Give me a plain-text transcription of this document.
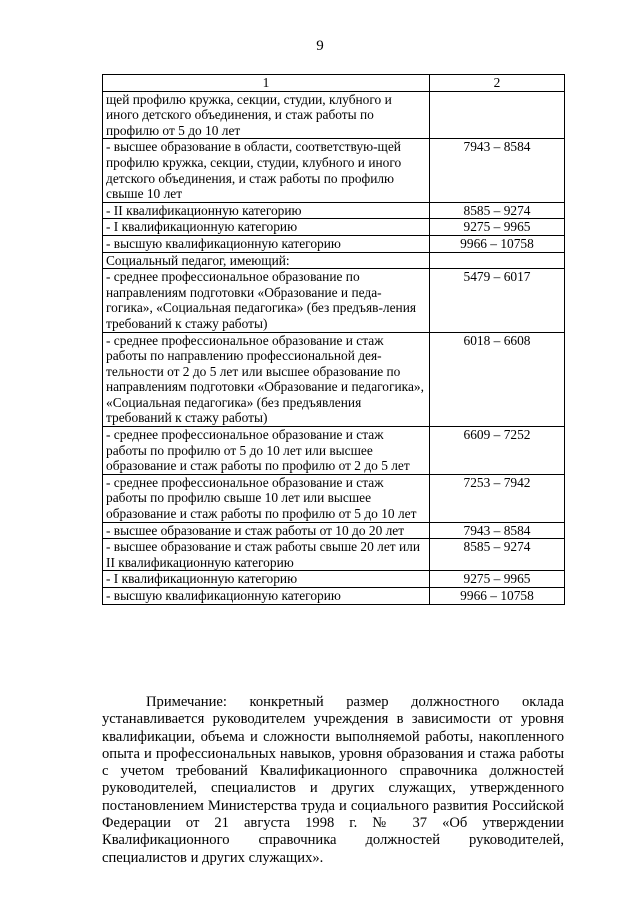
9
1	2
щей профилю кружка, секции, студии, клубного и иного детского объединения, и стаж работы по профилю от 5 до 10 лет	
- высшее образование в области, соответствую-щей профилю кружка, секции, студии, клубного и иного детского объединения, и стаж работы по профилю свыше 10 лет	7943 – 8584
- II квалификационную категорию	8585 – 9274
- I квалификационную категорию	9275 – 9965
- высшую квалификационную категорию	9966 – 10758
Социальный педагог, имеющий:	
- среднее профессиональное образование по направлениям подготовки «Образование и педа-гогика», «Социальная педагогика» (без предъяв-ления требований к стажу работы)	5479 – 6017
- среднее профессиональное образование и стаж работы по направлению профессиональной дея-тельности от 2 до 5 лет или высшее образование по направлениям подготовки «Образование и педагогика», «Социальная педагогика» (без предъявления требований к стажу работы)	6018 – 6608
- среднее профессиональное образование и стаж работы по профилю от 5 до 10 лет или высшее образование и стаж работы по профилю от 2 до 5 лет	6609 – 7252
- среднее профессиональное образование и стаж работы по профилю свыше 10 лет или высшее образование и стаж работы по профилю от 5 до 10 лет	7253 – 7942
- высшее образование и стаж работы от 10 до 20 лет	7943 – 8584
- высшее образование и стаж работы свыше 20 лет или II квалификационную категорию	8585 – 9274
- I квалификационную категорию	9275 – 9965
- высшую квалификационную категорию	9966 – 10758

Примечание: конкретный размер должностного оклада устанавливается руководителем учреждения в зависимости от уровня квалификации, объема и сложности выполняемой работы, накопленного опыта и профессиональных навыков, уровня образования и стажа работы с учетом требований Квалификационного справочника должностей руководителей, специалистов и других служащих, утвержденного постановлением Министерства труда и социального развития Российской Федерации от 21 августа 1998 г. № 37 «Об утверждении Квалификационного справочника должностей руководителей, специалистов и других служащих».
